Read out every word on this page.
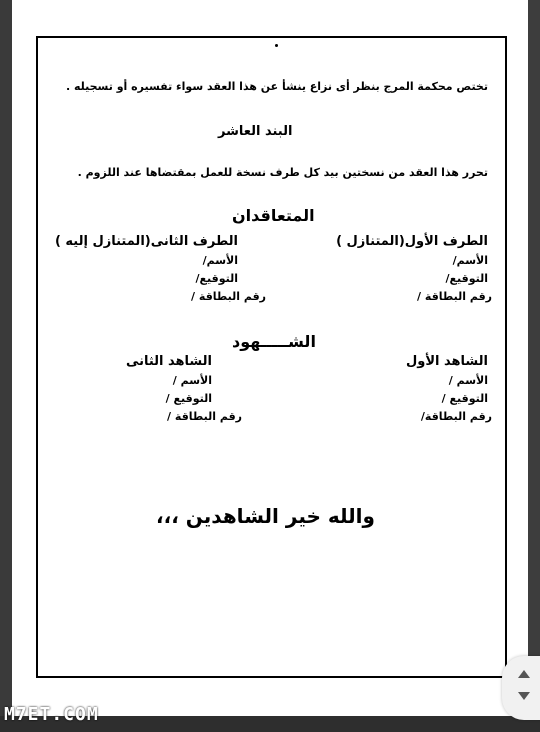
تختص محكمة المرج بنظر أى نزاع ينشأ عن هذا العقد سواء تفسيره أو تسجيله .
البند العاشر
تحرر هذا العقد من نسختين بيد كل طرف نسخة للعمل بمقتضاها عند اللزوم .
المتعاقدان
الطرف الأول(المتنازل )
الأسم/
التوقيع/
رقم البطاقة /
الطرف الثانى(المتنازل إليه )
الأسم/
التوقيع/
رقم البطاقة /
الشـــــهود
الشاهد الأول
الأسم /
التوقيع /
رقم البطاقة/
الشاهد الثانى
الأسم /
التوقيع /
رقم البطاقة /
والله خير الشاهدين ،،،
M7ET.COM
